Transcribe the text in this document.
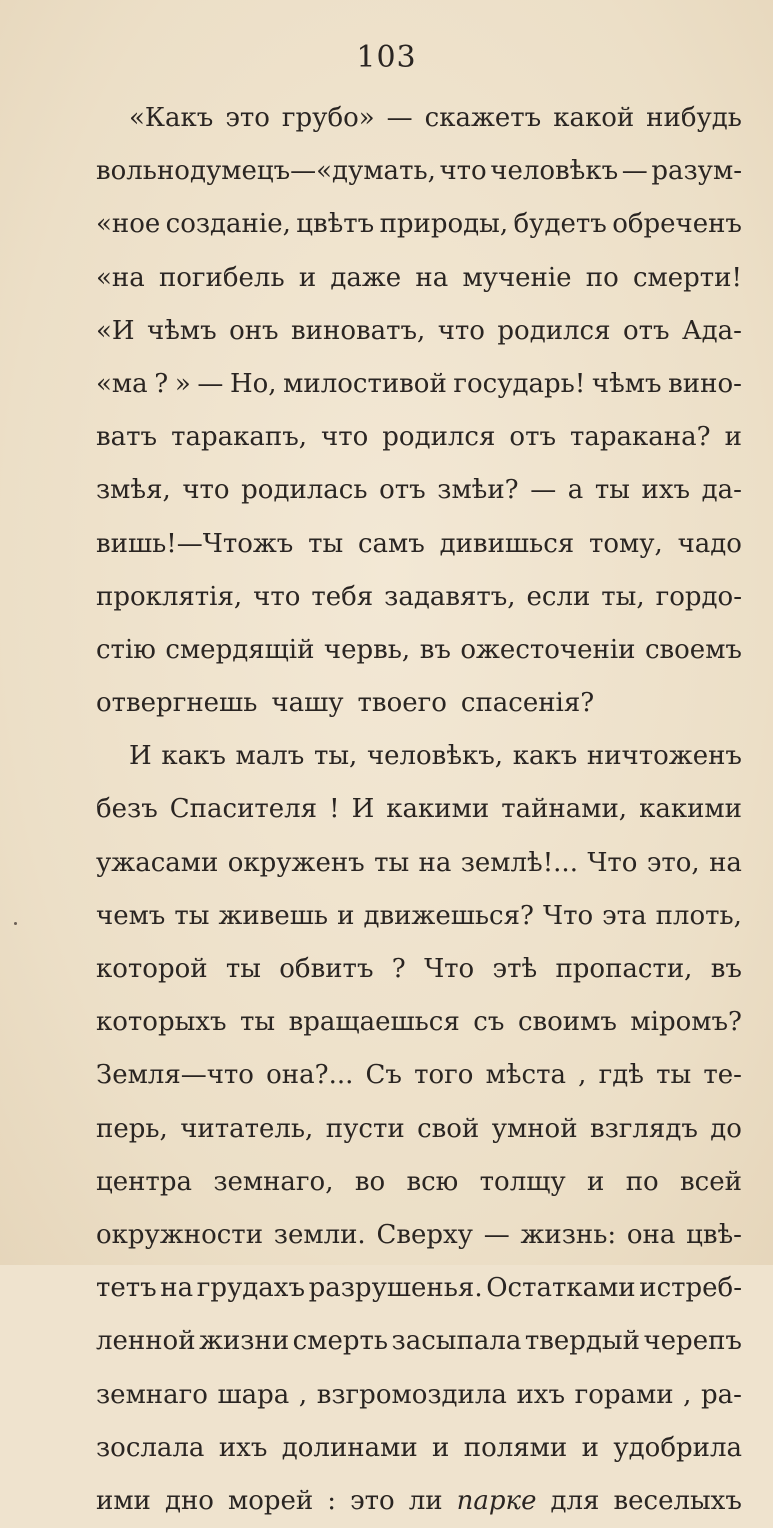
103
«Какъ это грубо» — скажетъ какой нибудь
вольнодумецъ—«думать, что человѣкъ — разум-
«ное созданіе, цвѣтъ природы, будетъ обреченъ
«на погибель и даже на мученіе по смерти!
«И чѣмъ онъ виноватъ, что родился отъ Ада-
«ма ? » — Но, милостивой государь! чѣмъ вино-
ватъ таракапъ, что родился отъ таракана? и
змѣя, что родилась отъ змѣи? — а ты ихъ да-
вишь!—Чтожъ ты самъ дивишься тому, чадо
проклятія, что тебя задавятъ, если ты, гордо-
стію смердящій червь, въ ожесточеніи своемъ
отвергнешь чашу твоего спасенія?
И какъ малъ ты, человѣкъ, какъ ничтоженъ
безъ Спасителя ! И какими тайнами, какими
ужасами окруженъ ты на землѣ!... Что это, на
чемъ ты живешь и движешься? Что эта плоть,
которой ты обвитъ ? Что этѣ пропасти, въ
которыхъ ты вращаешься съ своимъ міромъ?
Земля—что она?... Съ того мѣста , гдѣ ты те-
перь, читатель, пусти свой умной взглядъ до
центра земнаго, во всю толщу и по всей
окружности земли. Сверху — жизнь: она цвѣ-
тетъ на грудахъ разрушенья. Остатками истреб-
ленной жизни смерть засыпала твердый черепъ
земнаго шара , взгромоздила ихъ горами , ра-
зослала ихъ долинами и полями и удобрила
ими дно морей : это ли парке для веселыхъ
